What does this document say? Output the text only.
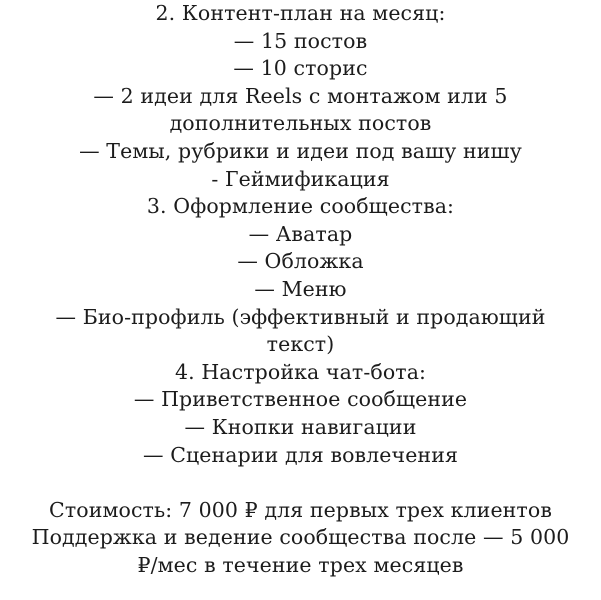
2. Контент-план на месяц:
— 15 постов
— 10 сторис
— 2 идеи для Reels с монтажом или 5
дополнительных постов
— Темы, рубрики и идеи под вашу нишу
- Геймификация
3. Оформление сообщества:
— Аватар
— Обложка
— Меню
— Био-профиль (эффективный и продающий
текст)
4. Настройка чат-бота:
— Приветственное сообщение
— Кнопки навигации
— Сценарии для вовлечения
Стоимость: 7 000 ₽ для первых трех клиентов
Поддержка и ведение сообщества после — 5 000
₽/мес в течение трех месяцев
